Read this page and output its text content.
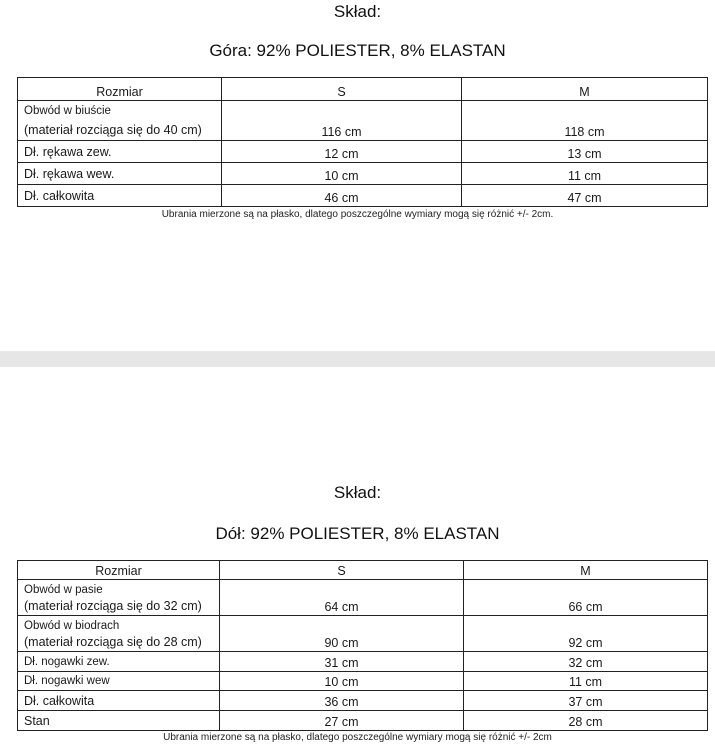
Skład:
Góra: 92% POLIESTER, 8% ELASTAN
Rozmiar	S	M

Obwód w biuście
(materiał rozciąga się do 40 cm)	116 cm	118 cm
Dł. rękawa zew.	12 cm	13 cm
Dł. rękawa wew.	10 cm	11 cm
Dł. całkowita	46 cm	47 cm
Ubrania mierzone są na płasko, dlatego poszczególne wymiary mogą się różnić +/- 2cm.
Skład:
Dół: 92% POLIESTER, 8% ELASTAN
Rozmiar	S	M

Obwód w pasie
(materiał rozciąga się do 32 cm)	64 cm	66 cm

Obwód w biodrach
(materiał rozciąga się do 28 cm)	90 cm	92 cm
Dł. nogawki zew.	31 cm	32 cm
Dł. nogawki wew	10 cm	11 cm
Dł. całkowita	36 cm	37 cm
Stan	27 cm	28 cm
Ubrania mierzone są na płasko, dlatego poszczególne wymiary mogą się różnić +/- 2cm
